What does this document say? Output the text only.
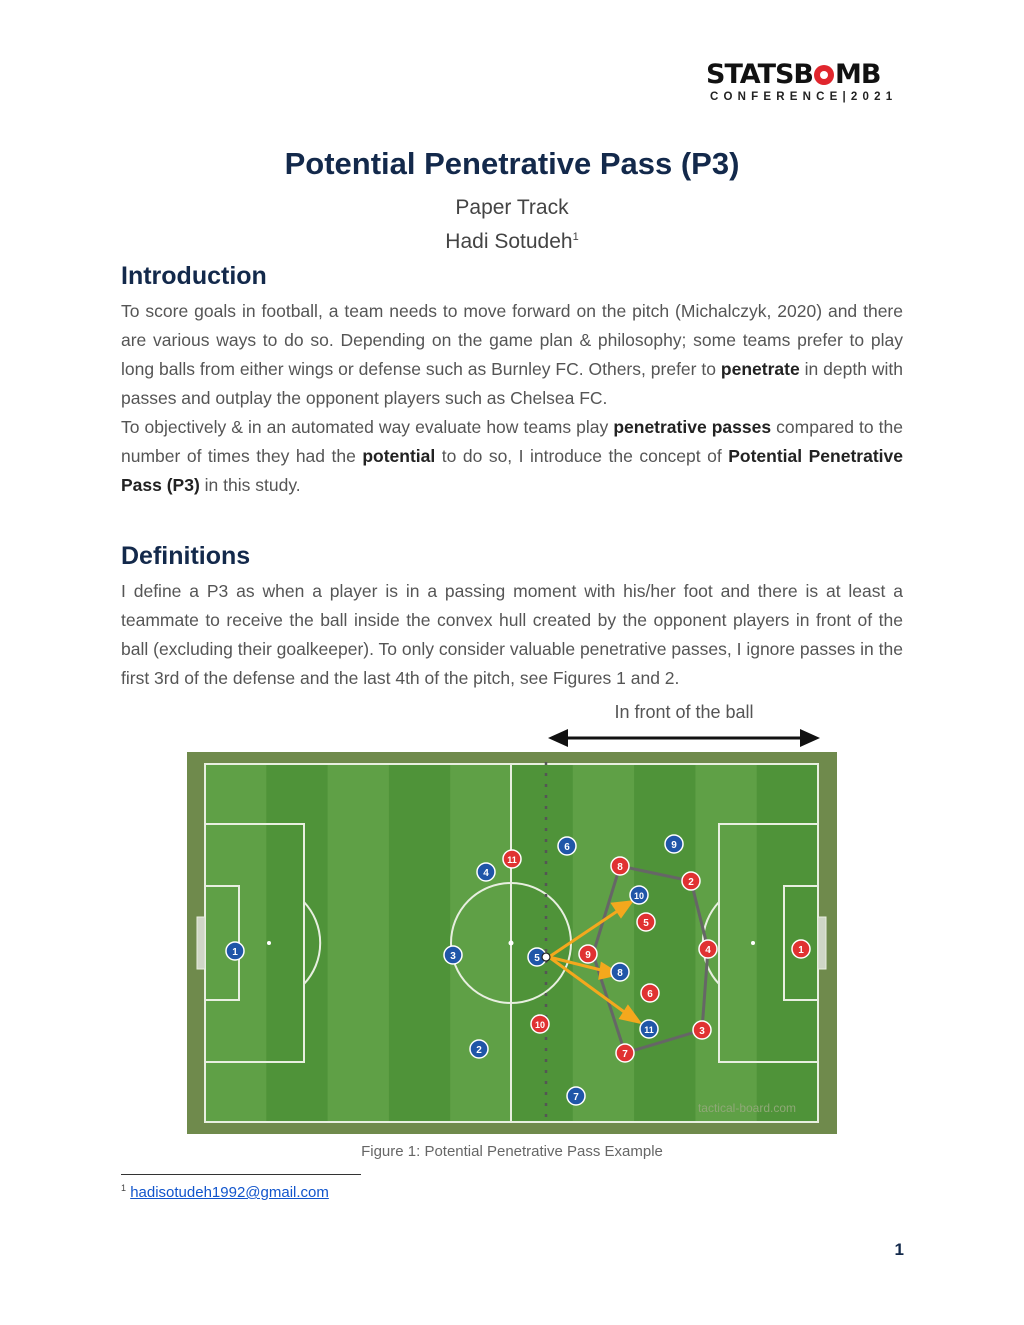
STATSB MB
CONFERENCE|2021
Potential Penetrative Pass (P3)
Paper Track
Hadi Sotudeh$^1$
Introduction

To score goals in football, a team needs to move forward on the pitch (Michalczyk, 2020) and there are various ways to do so. Depending on the game plan & philosophy; some teams prefer to play long balls from either wings or defense such as Burnley FC. Others, prefer to penetrate in depth with passes and outplay the opponent players such as Chelsea FC.

To objectively & in an automated way evaluate how teams play penetrative passes compared to the number of times they had the potential to do so, I introduce the concept of Potential Penetrative Pass (P3) in this study.

Definitions

I define a P3 as when a player is in a passing moment with his/her foot and there is at least a teammate to receive the ball inside the convex hull created by the opponent players in front of the ball (excluding their goalkeeper). To only consider valuable penetrative passes, I ignore passes in the first 3rd of the defense and the last 4th of the pitch, see Figures 1 and 2.

In front of the ball
tactical-board.com
1
2
3
4
5
6
7
8
9
10
11
1
2
3
4
5
6
7
8
9
10
11
Figure 1: Potential Penetrative Pass Example
$^1$ hadisotudeh1992@gmail.com
1
